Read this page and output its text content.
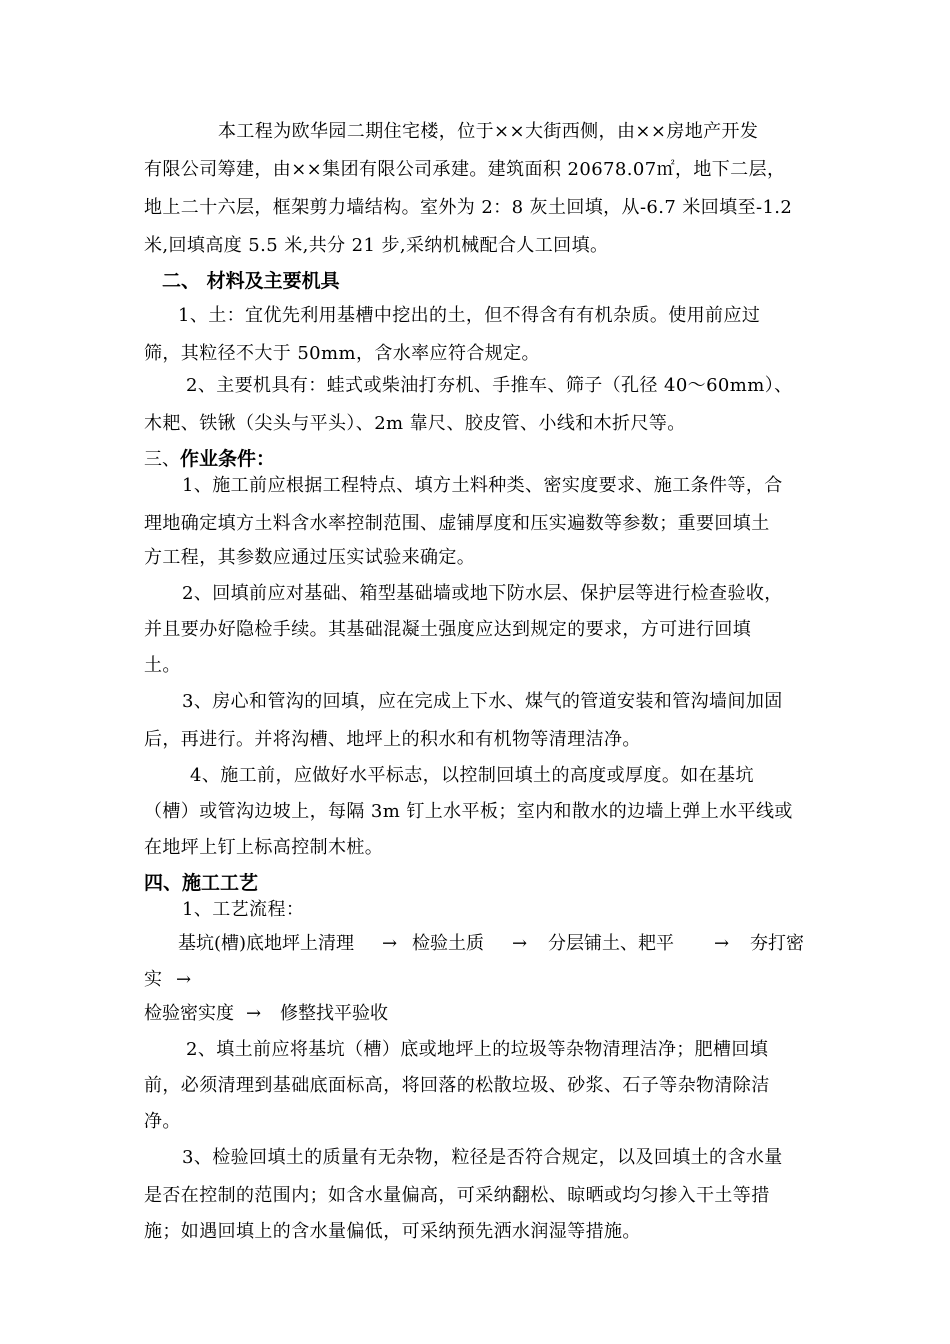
本工程为欧华园二期住宅楼，位于××大街西侧，由××房地产开发
有限公司筹建，由××集团有限公司承建。建筑面积 20678.07㎡，地下二层，
地上二十六层，框架剪力墙结构。室外为 2：8 灰土回填，从-6.7 米回填至-1.2
米,回填高度 5.5 米,共分 21 步,采纳机械配合人工回填。
二、 材料及主要机具
1、土：宜优先利用基槽中挖出的土，但不得含有有机杂质。使用前应过
筛，其粒径不大于 50mm，含水率应符合规定。
2、主要机具有：蛙式或柴油打夯机、手推车、筛子（孔径 40～60mm）、
木耙、铁锹（尖头与平头）、2m 靠尺、胶皮管、小线和木折尺等。
三、作业条件：
1、施工前应根据工程特点、填方土料种类、密实度要求、施工条件等，合
理地确定填方土料含水率控制范围、虚铺厚度和压实遍数等参数；重要回填土
方工程，其参数应通过压实试验来确定。
2、回填前应对基础、箱型基础墙或地下防水层、保护层等进行检查验收，
并且要办好隐检手续。其基础混凝土强度应达到规定的要求，方可进行回填
土。
3、房心和管沟的回填，应在完成上下水、煤气的管道安装和管沟墙间加固
后，再进行。并将沟槽、地坪上的积水和有机物等清理洁净。
4、施工前，应做好水平标志，以控制回填土的高度或厚度。如在基坑
（槽）或管沟边坡上，每隔 3m 钉上水平板；室内和散水的边墙上弹上水平线或
在地坪上钉上标高控制木桩。
四、施工工艺
1、工艺流程：
基坑(槽)底地坪上清理 → 检验土质 → 分层铺土、耙平 → 夯打密
实 →
检验密实度 → 修整找平验收
2、填土前应将基坑（槽）底或地坪上的垃圾等杂物清理洁净；肥槽回填
前，必须清理到基础底面标高，将回落的松散垃圾、砂浆、石子等杂物清除洁
净。
3、检验回填土的质量有无杂物，粒径是否符合规定，以及回填土的含水量
是否在控制的范围内；如含水量偏高，可采纳翻松、晾晒或均匀掺入干土等措
施；如遇回填上的含水量偏低，可采纳预先洒水润湿等措施。
